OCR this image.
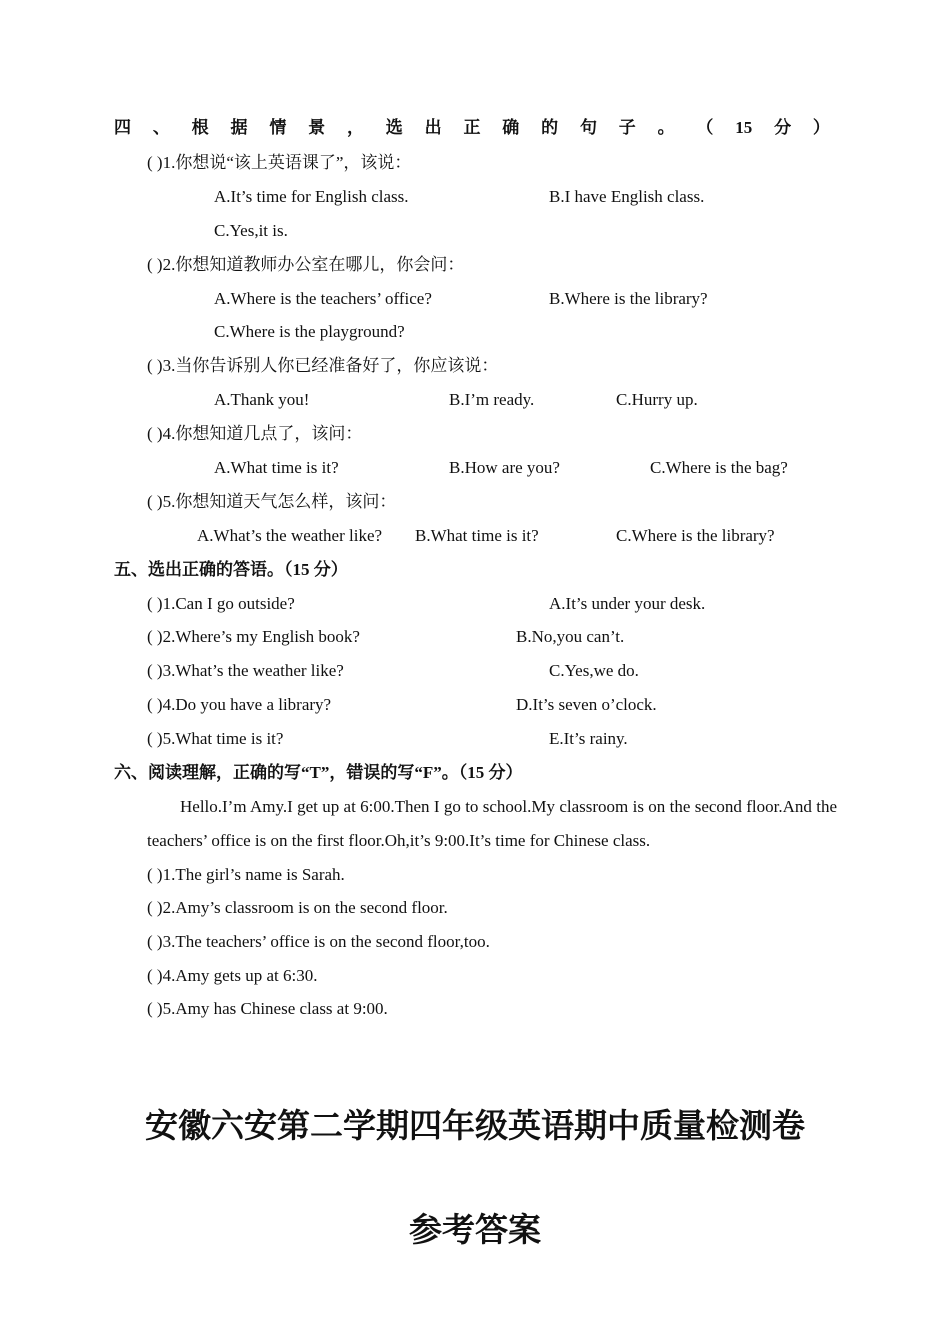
四 、 根 据 情 景 ， 选 出 正 确 的 句 子 。 （ 15 分 ）
( )1.你想说“该上英语课了”，该说：
A.It’s time for English class.	B.I have English class.
C.Yes,it is.
( )2.你想知道教师办公室在哪儿，你会问：
A.Where is the teachers’ office?	B.Where is the library?
C.Where is the playground?
( )3.当你告诉别人你已经准备好了，你应该说：
A.Thank you!	B.I’m ready.	C.Hurry up.
( )4.你想知道几点了，该问：
A.What time is it?	B.How are you?	C.Where is the bag?
( )5.你想知道天气怎么样，该问：
A.What’s the weather like? B.What time is it?	C.Where is the library?
五、选出正确的答语。（15 分）
( )1.Can I go outside?	A.It’s under your desk.
( )2.Where’s my English book?	B.No,you can’t.
( )3.What’s the weather like?	C.Yes,we do.
( )4.Do you have a library?	D.It’s seven o’clock.
( )5.What time is it?	E.It’s rainy.
六、阅读理解，正确的写“T”，错误的写“F”。（15 分）
Hello.I’m Amy.I get up at 6:00.Then I go to school.My classroom is on the second floor.And the teachers’ office is on the first floor.Oh,it’s 9:00.It’s time for Chinese class.
( )1.The girl’s name is Sarah.
( )2.Amy’s classroom is on the second floor.
( )3.The teachers’ office is on the second floor,too.
( )4.Amy gets up at 6:30.
( )5.Amy has Chinese class at 9:00.
安徽六安第二学期四年级英语期中质量检测卷
参考答案
